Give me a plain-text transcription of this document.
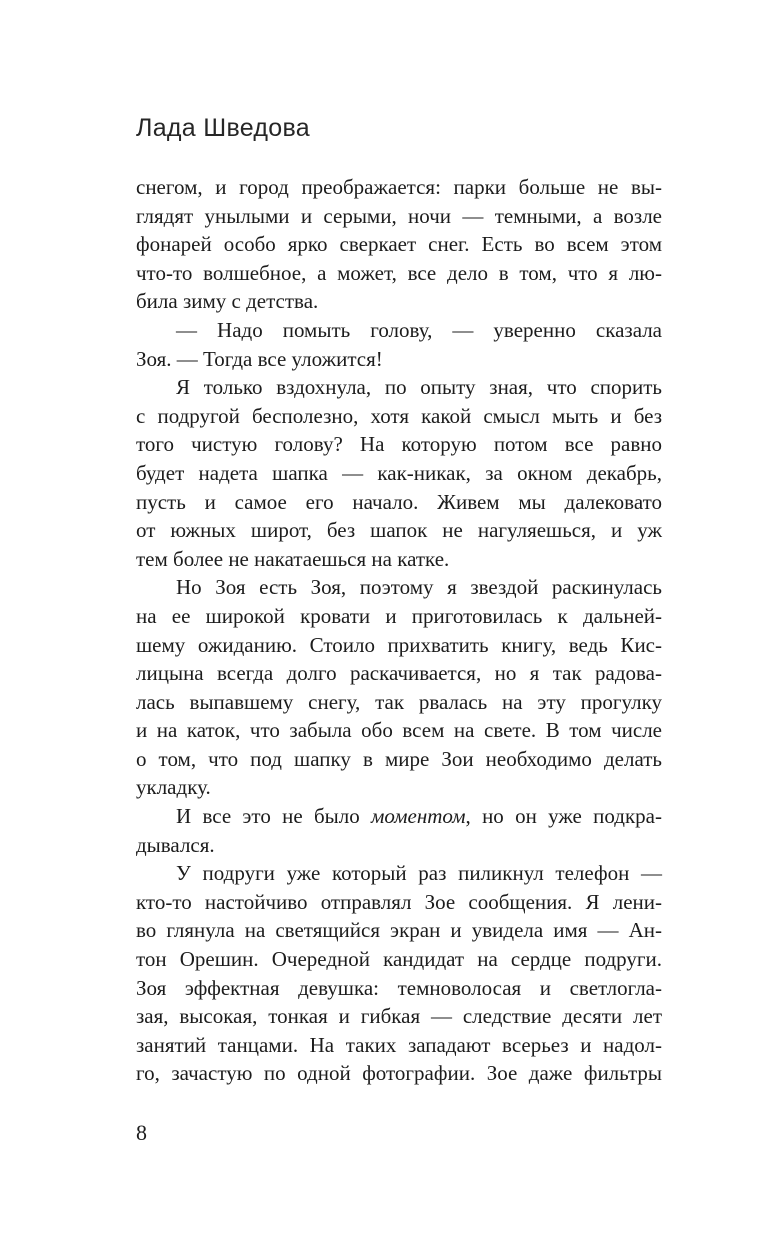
Лада Шведова
снегом, и город преображается: парки больше не вы-
глядят унылыми и серыми, ночи — темными, а возле
фонарей особо ярко сверкает снег. Есть во всем этом
что-то волшебное, а может, все дело в том, что я лю-
била зиму с детства.
— Надо помыть голову, — уверенно сказала
Зоя. — Тогда все уложится!
Я только вздохнула, по опыту зная, что спорить
с подругой бесполезно, хотя какой смысл мыть и без
того чистую голову? На которую потом все равно
будет надета шапка — как-никак, за окном декабрь,
пусть и самое его начало. Живем мы далековато
от южных широт, без шапок не нагуляешься, и уж
тем более не накатаешься на катке.
Но Зоя есть Зоя, поэтому я звездой раскинулась
на ее широкой кровати и приготовилась к дальней-
шему ожиданию. Стоило прихватить книгу, ведь Кис-
лицына всегда долго раскачивается, но я так радова-
лась выпавшему снегу, так рвалась на эту прогулку
и на каток, что забыла обо всем на свете. В том числе
о том, что под шапку в мире Зои необходимо делать
укладку.
И все это не было моментом, но он уже подкра-
дывался.
У подруги уже который раз пиликнул телефон —
кто-то настойчиво отправлял Зое сообщения. Я лени-
во глянула на светящийся экран и увидела имя — Ан-
тон Орешин. Очередной кандидат на сердце подруги.
Зоя эффектная девушка: темноволосая и светлогла-
зая, высокая, тонкая и гибкая — следствие десяти лет
занятий танцами. На таких западают всерьез и надол-
го, зачастую по одной фотографии. Зое даже фильтры
8
